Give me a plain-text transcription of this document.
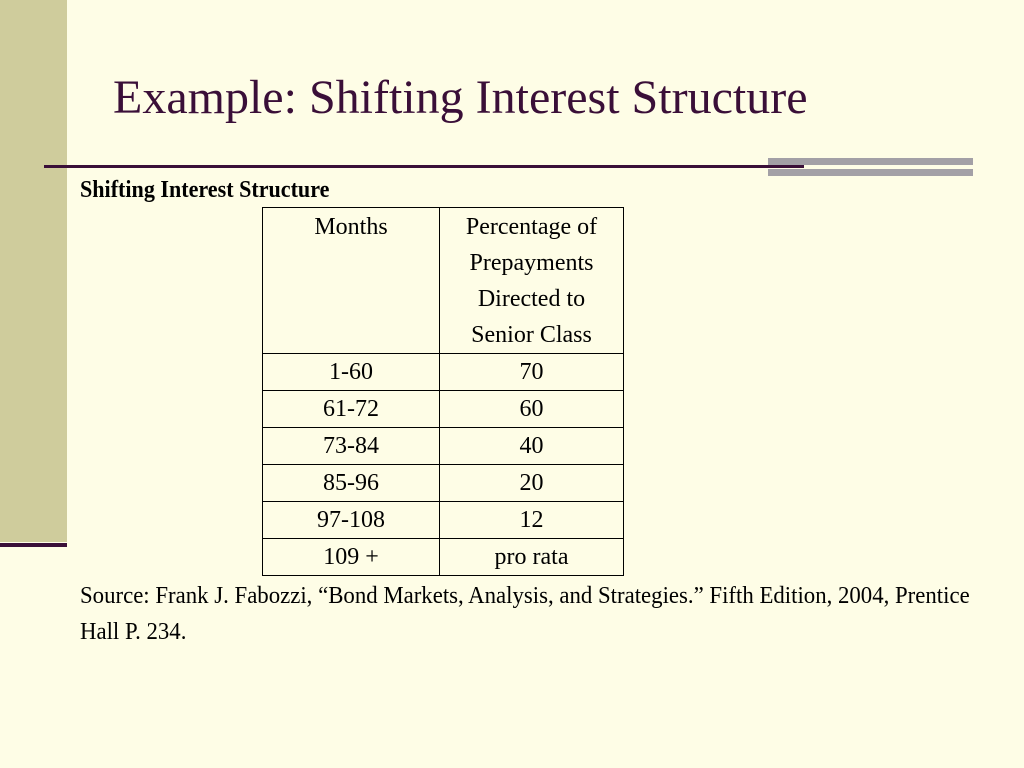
Example: Shifting Interest Structure
Shifting Interest Structure
Months	Percentage of Prepayments Directed to Senior Class
1-60	70
61-72	60
73-84	40
85-96	20
97-108	12
109 +	pro rata
Source: Frank J. Fabozzi, “Bond Markets, Analysis, and Strategies.” Fifth Edition, 2004, Prentice Hall P. 234.
